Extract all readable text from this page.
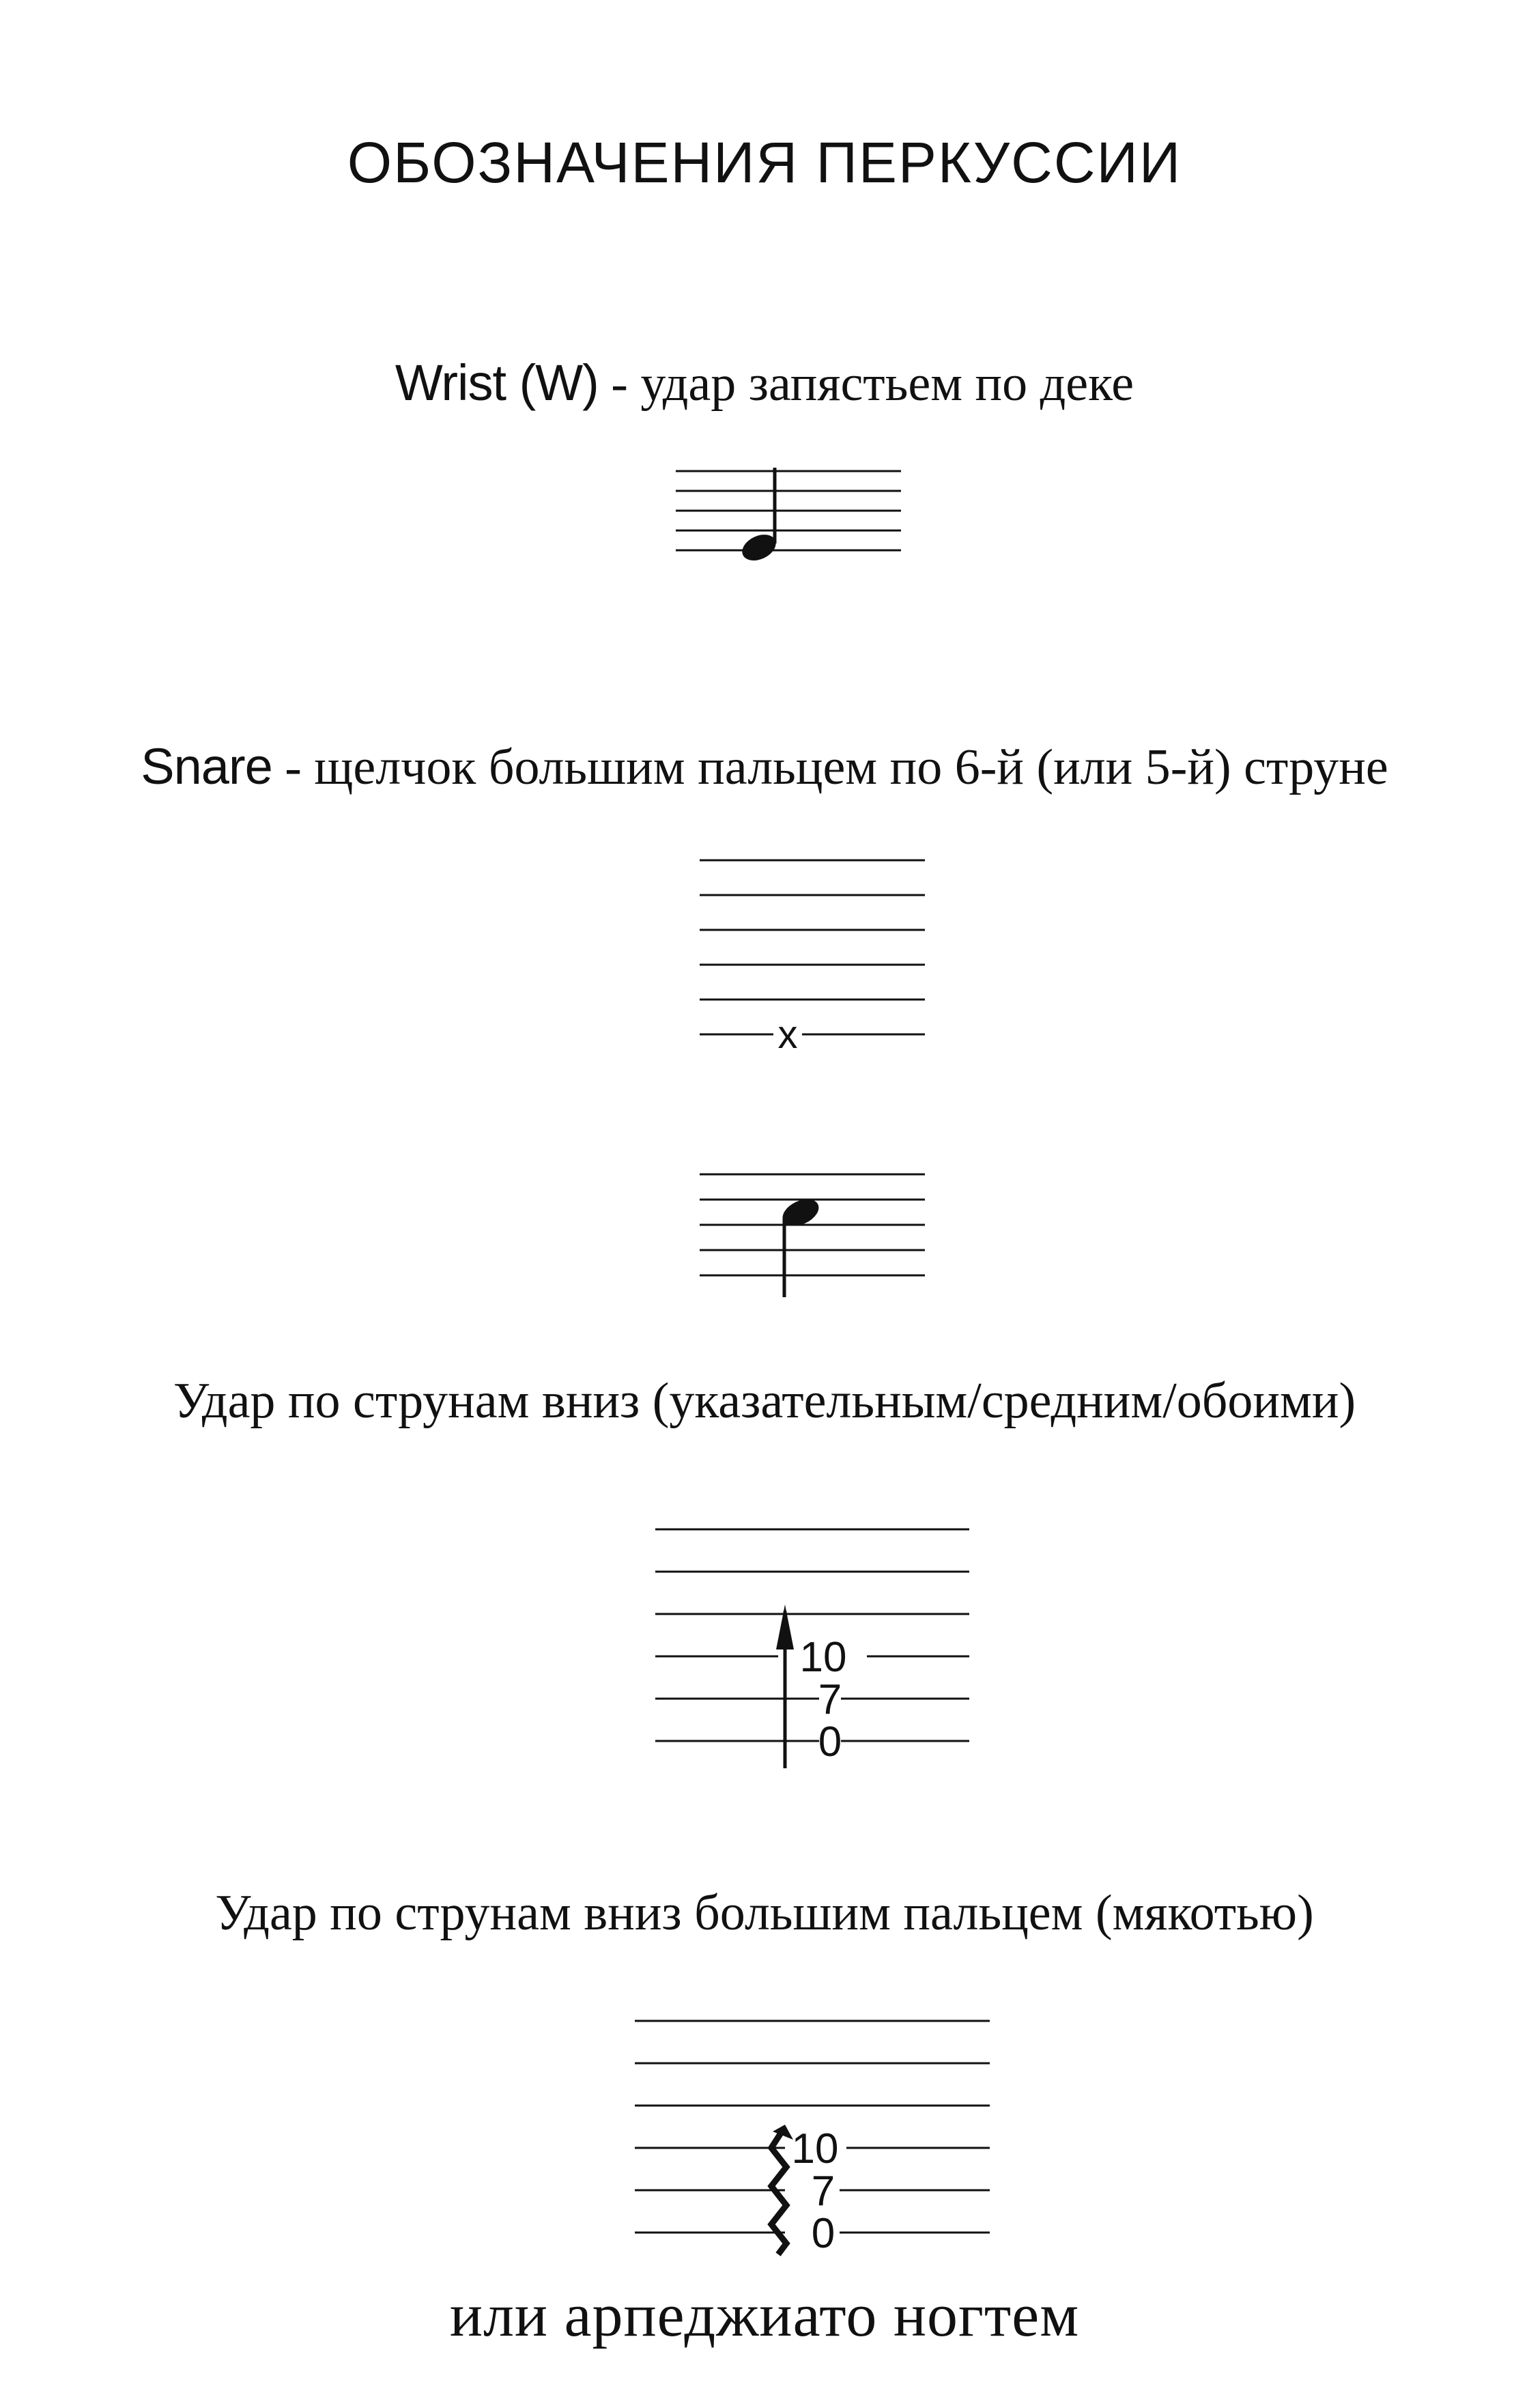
ОБОЗНАЧЕНИЯ ПЕРКУССИИ
Wrist (W) - удар запястьем по деке
Snare - щелчок большим пальцем по 6-й (или 5-й) струне
x
Удар по струнам вниз (указательным/средним/обоими)
10
7
0
Удар по струнам вниз большим пальцем (мякотью)
10
7
0
или арпеджиато ногтем
